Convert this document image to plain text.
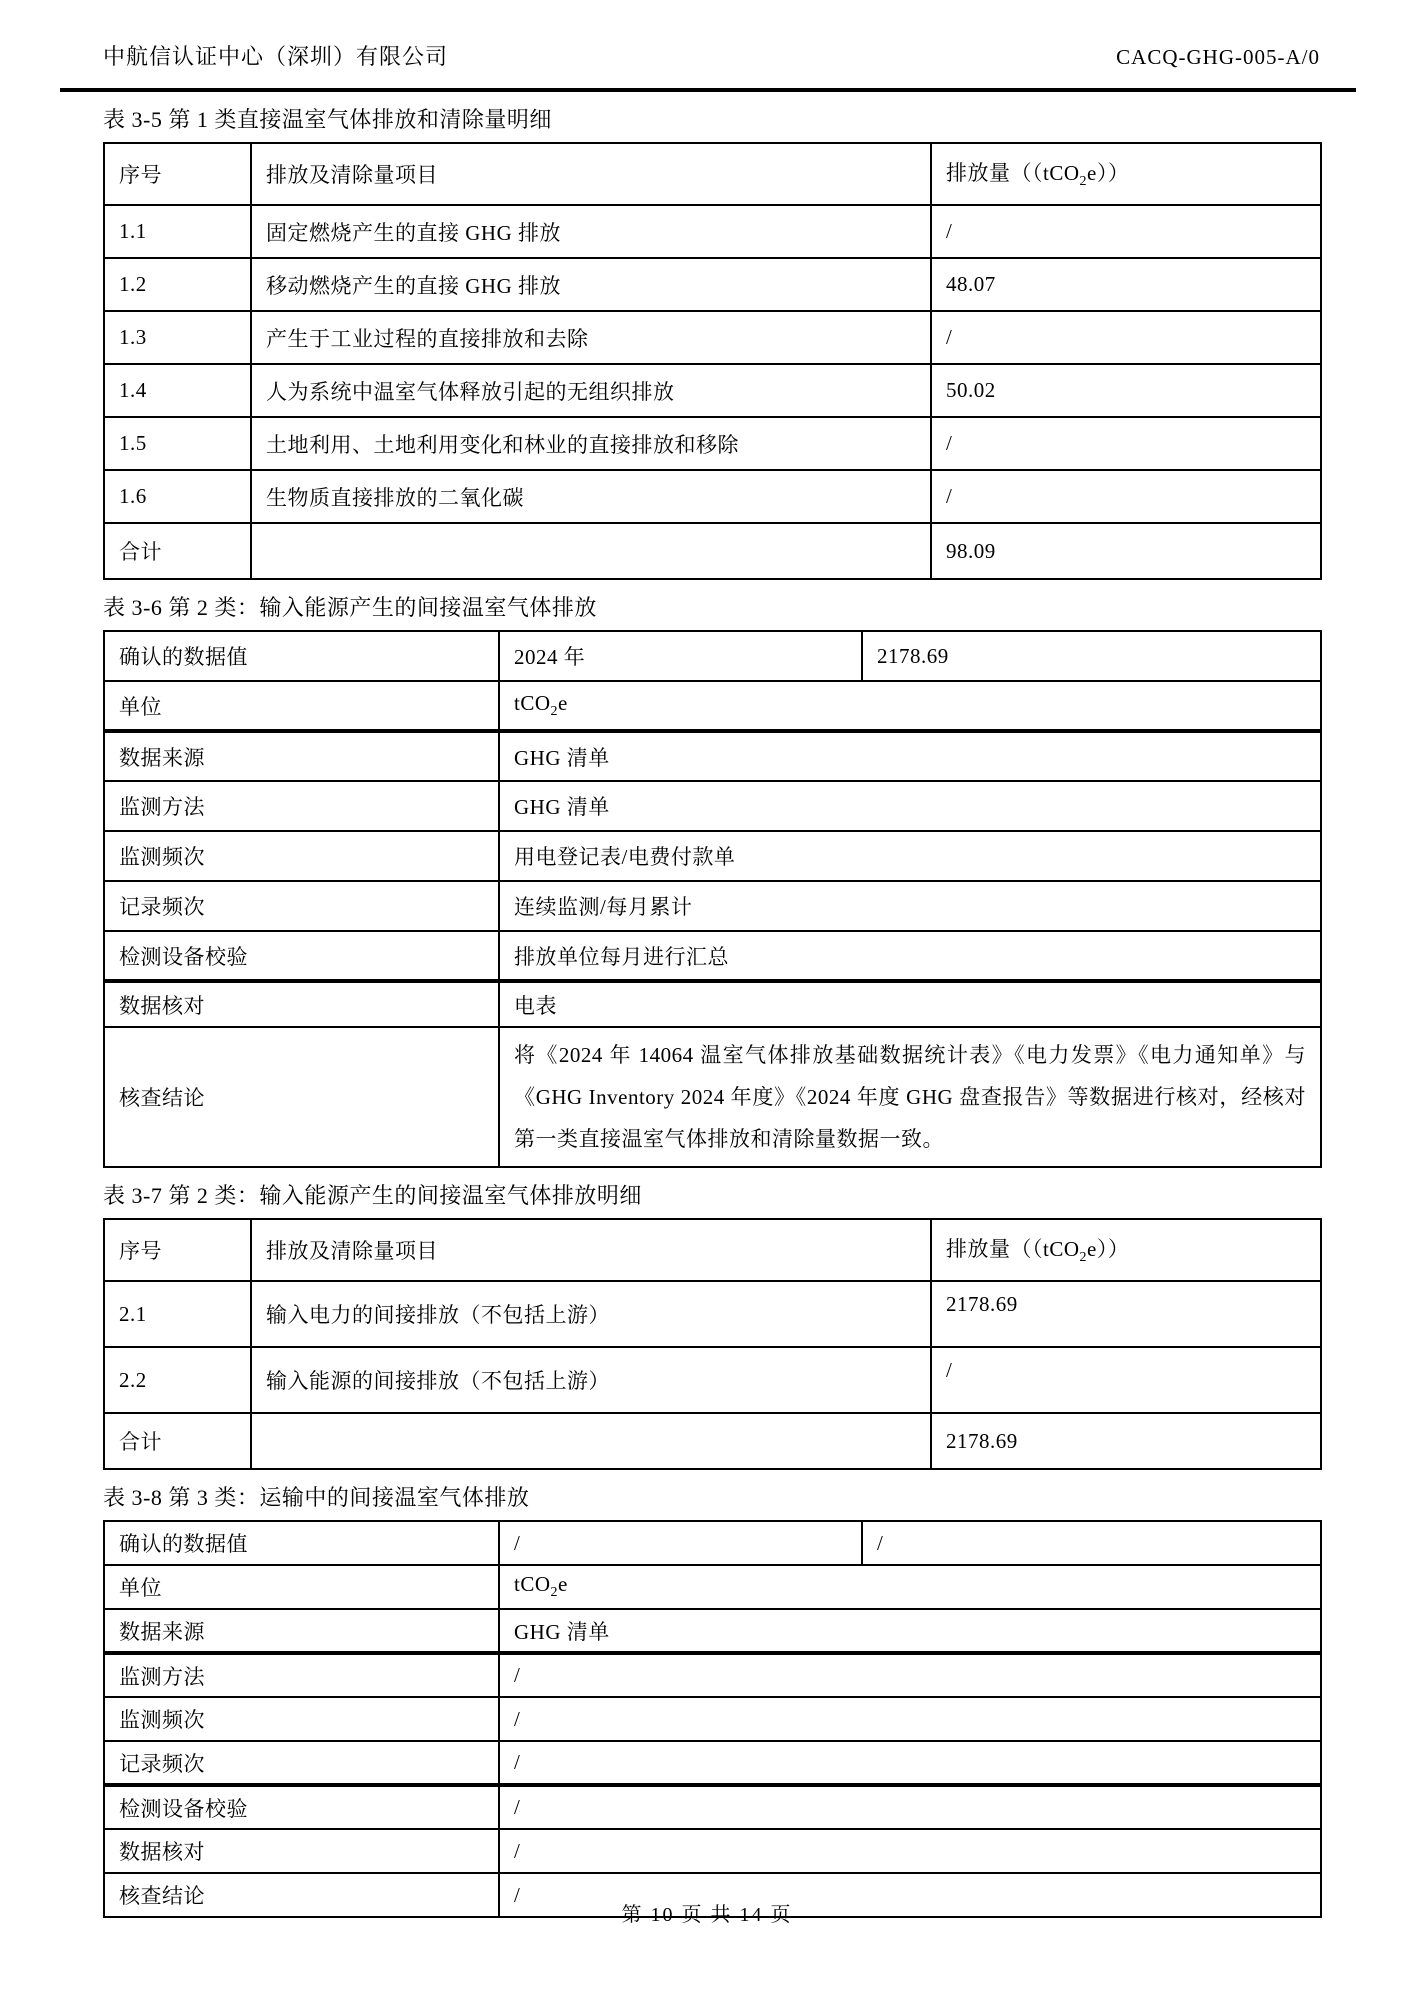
中航信认证中心（深圳）有限公司	CACQ-GHG-005-A/0

表 3-5 第 1 类直接温室气体排放和清除量明细

序号	排放及清除量项目	排放量（（tCO$_2$e））
1.1	固定燃烧产生的直接 GHG 排放	/
1.2	移动燃烧产生的直接 GHG 排放	48.07
1.3	产生于工业过程的直接排放和去除	/
1.4	人为系统中温室气体释放引起的无组织排放	50.02
1.5	土地利用、土地利用变化和林业的直接排放和移除	/
1.6	生物质直接排放的二氧化碳	/
合计		98.09

表 3-6 第 2 类：输入能源产生的间接温室气体排放

确认的数据值	2024 年	2178.69
单位	tCO$_2$e	
数据来源	GHG 清单	
监测方法	GHG 清单	
监测频次	用电登记表/电费付款单	
记录频次	连续监测/每月累计	
检测设备校验	排放单位每月进行汇总	
数据核对	电表	
核查结论	将《2024 年 14064 温室气体排放基础数据统计表》《电力发票》《电力通知单》与《GHG Inventory 2024 年度》《2024 年度 GHG 盘查报告》等数据进行核对，经核对第一类直接温室气体排放和清除量数据一致。	

表 3-7 第 2 类：输入能源产生的间接温室气体排放明细

序号	排放及清除量项目	排放量（（tCO$_2$e））
2.1	输入电力的间接排放（不包括上游）	2178.69
2.2	输入能源的间接排放（不包括上游）	/
合计		2178.69

表 3-8 第 3 类：运输中的间接温室气体排放

确认的数据值	/	/
单位	tCO$_2$e	
数据来源	GHG 清单	
监测方法	/	
监测频次	/	
记录频次	/	
检测设备校验	/	
数据核对	/	
核查结论	/	
第 10 页 共 14 页
